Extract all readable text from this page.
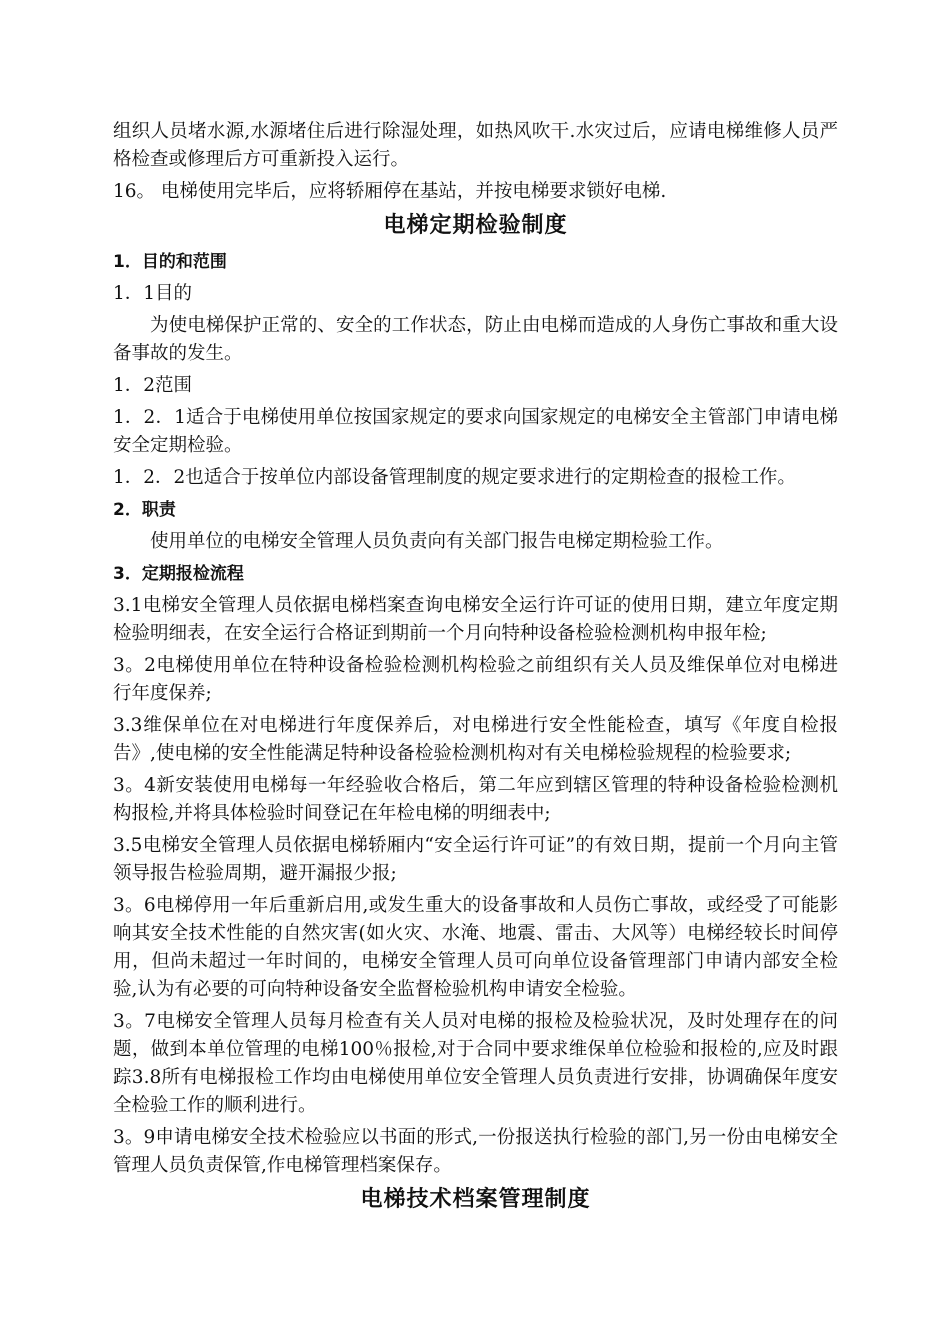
组织人员堵水源,水源堵住后进行除湿处理，如热风吹干.水灾过后，应请电梯维修人员严格检查或修理后方可重新投入运行。

16。 电梯使用完毕后，应将轿厢停在基站，并按电梯要求锁好电梯.

电梯定期检验制度

1．目的和范围

1．1目的

为使电梯保护正常的、安全的工作状态，防止由电梯而造成的人身伤亡事故和重大设备事故的发生。

1．2范围

1．2．1适合于电梯使用单位按国家规定的要求向国家规定的电梯安全主管部门申请电梯安全定期检验。

1．2．2也适合于按单位内部设备管理制度的规定要求进行的定期检查的报检工作。

2．职责

使用单位的电梯安全管理人员负责向有关部门报告电梯定期检验工作。

3．定期报检流程

3.1电梯安全管理人员依据电梯档案查询电梯安全运行许可证的使用日期，建立年度定期检验明细表，在安全运行合格证到期前一个月向特种设备检验检测机构申报年检;

3。2电梯使用单位在特种设备检验检测机构检验之前组织有关人员及维保单位对电梯进行年度保养;

3.3维保单位在对电梯进行年度保养后，对电梯进行安全性能检查，填写《年度自检报告》,使电梯的安全性能满足特种设备检验检测机构对有关电梯检验规程的检验要求;

3。4新安装使用电梯每一年经验收合格后，第二年应到辖区管理的特种设备检验检测机构报检,并将具体检验时间登记在年检电梯的明细表中;

3.5电梯安全管理人员依据电梯轿厢内“安全运行许可证”的有效日期，提前一个月向主管领导报告检验周期，避开漏报少报;

3。6电梯停用一年后重新启用,或发生重大的设备事故和人员伤亡事故，或经受了可能影响其安全技术性能的自然灾害(如火灾、水淹、地震、雷击、大风等）电梯经较长时间停用，但尚未超过一年时间的，电梯安全管理人员可向单位设备管理部门申请内部安全检验,认为有必要的可向特种设备安全监督检验机构申请安全检验。

3。7电梯安全管理人员每月检查有关人员对电梯的报检及检验状况，及时处理存在的问题，做到本单位管理的电梯100％报检,对于合同中要求维保单位检验和报检的,应及时跟踪3.8所有电梯报检工作均由电梯使用单位安全管理人员负责进行安排，协调确保年度安全检验工作的顺利进行。

3。9申请电梯安全技术检验应以书面的形式,一份报送执行检验的部门,另一份由电梯安全管理人员负责保管,作电梯管理档案保存。

电梯技术档案管理制度
